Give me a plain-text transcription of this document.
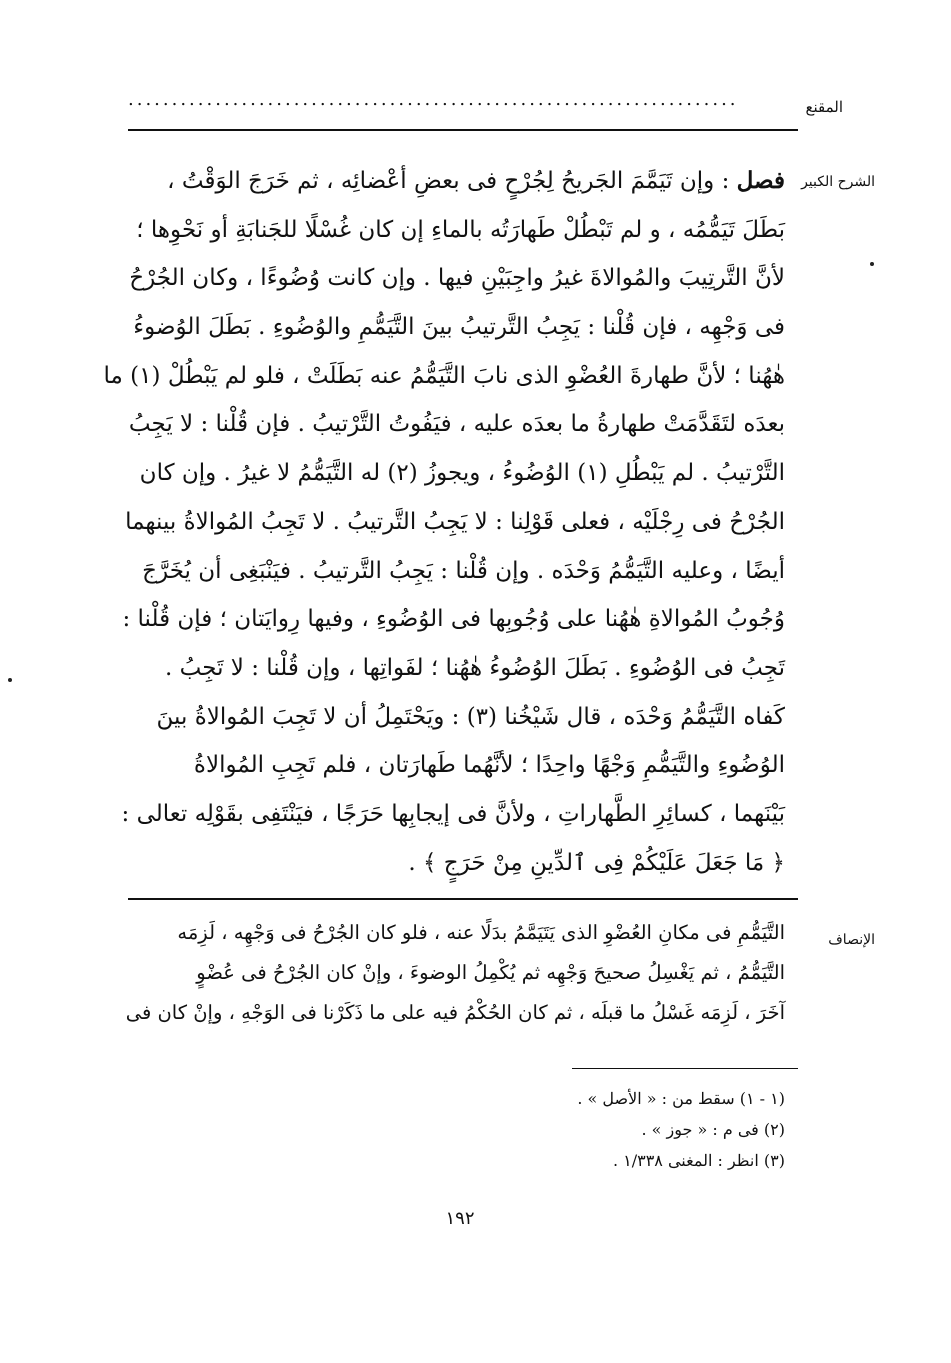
المقنع
......................................................................
الشرح الكبير
الإنصاف
فصل : وإن تَيَمَّمَ الجَريحُ لِجُرْحٍ فى بعضِ أعْضائِه ، ثم خَرَجَ الوَقْتُ ،
بَطَلَ تَيَمُّمُه ، و لم تَبْطُلْ طَهارَتُه بالماءِ إن كان غُسْلًا للجَنابَةِ أو نَحْوِها ؛
لأنَّ التَّرتِيبَ والمُوالاةَ غيرُ واجِبَيْنِ فيها . وإن كانت وُضُوءًا ، وكان الجُرْحُ
فى وَجْهِه ، فإن قُلْنا : يَجِبُ التَّرتيبُ بينَ التَّيَمُّمِ والوُضُوءِ . بَطَلَ الوُضوءُ
هٰهُنا ؛ لأنَّ طهارةَ العُضْوِ الذى نابَ التَّيَمُّمُ عنه بَطَلَتْ ، فلو لم يَبْطُلْ (١) ما
بعدَه لتَقَدَّمَتْ طهارةُ ما بعدَه عليه ، فيَفُوتُ التَّرْتيبُ . فإن قُلْنا : لا يَجِبُ
التَّرْتيبُ . لم يَبْطُلِ (١) الوُضُوءُ ، ويجوزُ (٢) له التَّيَمُّمُ لا غيرُ . وإن كان
الجُرْحُ فى رِجْلَيْه ، فعلى قَوْلِنا : لا يَجِبُ التَّرتيبُ . لا تَجِبُ المُوالاةُ بينهما
أيضًا ، وعليه التَّيَمُّمُ وَحْدَه . وإن قُلْنا : يَجِبُ التَّرتيبُ . فيَنْبَغِى أن يُخَرَّجَ
وُجُوبُ المُوالاةِ هٰهُنا على وُجُوبِها فى الوُضُوءِ ، وفيها رِوايَتان ؛ فإن قُلْنا :
تَجِبُ فى الوُضُوءِ . بَطَلَ الوُضُوءُ هٰهُنا ؛ لفَواتِها ، وإن قُلْنا : لا تَجِبُ .
كَفاه التَّيَمُّمُ وَحْدَه ، قال شَيْخُنا (٣) : ويَحْتَمِلُ أن لا تَجِبَ المُوالاةُ بينَ
الوُضُوءِ والتَّيَمُّمِ وَجْهًا واحِدًا ؛ لأنَّهُما طَهارَتان ، فلم تَجِبِ المُوالاةُ
بَيْنَهما ، كسائِرِ الطَّهاراتِ ، ولأنَّ فى إيجابِها حَرَجًا ، فيَنْتَفِى بقَوْلِه تعالى :
﴿ مَا جَعَلَ عَلَيْكُمْ فِى ٱلدِّينِ مِنْ حَرَجٍ ﴾ .
التَّيَمُّمِ فى مكانِ العُضْوِ الذى يَتَيَمَّمُ بدَلًا عنه ، فلو كان الجُرْحُ فى وَجْهِه ، لَزِمَه
التَّيَمُّمُ ، ثم يَغْسِلُ صحيحَ وَجْهِه ثم يُكْمِلُ الوضوءَ ، وإنْ كان الجُرْحُ فى عُضْوٍ
آخَرَ ، لَزِمَه غَسْلُ ما قبلَه ، ثم كان الحُكْمُ فيه على ما ذَكَرْنا فى الوَجْهِ ، وإنْ كان فى
(١ - ١) سقط من : « الأصل » .
(٢) فى م : « جوز » .
(٣) انظر : المغنى ١/٣٣٨ .
١٩٢
